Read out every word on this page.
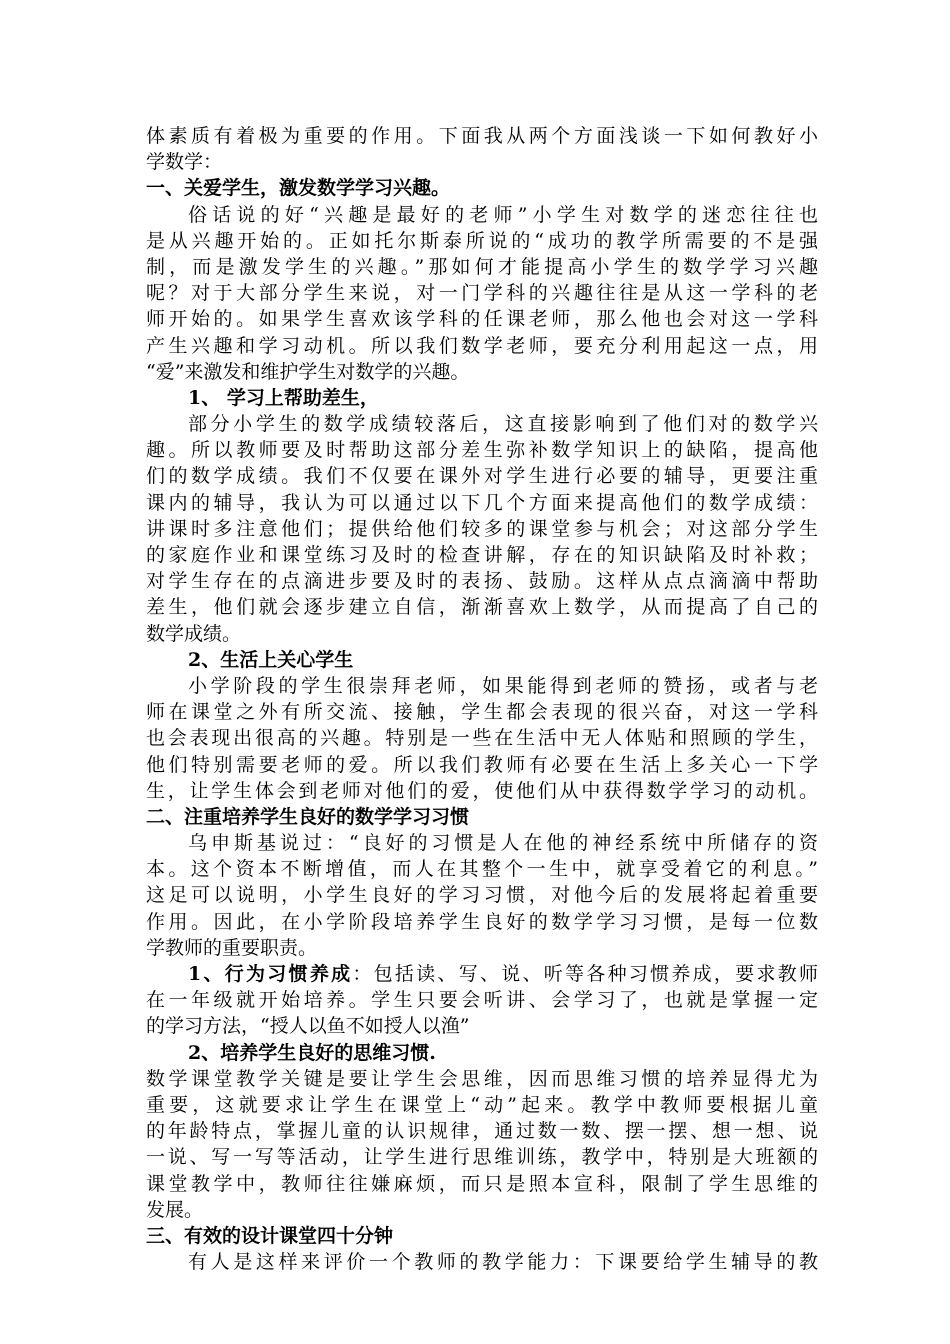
体素质有着极为重要的作用。下面我从两个方面浅谈一下如何教好小
学数学：
一、关爱学生，激发数学学习兴趣。
俗话说的好“兴趣是最好的老师”小学生对数学的迷恋往往也
是从兴趣开始的。正如托尔斯泰所说的“成功的教学所需要的不是强
制，而是激发学生的兴趣。”那如何才能提高小学生的数学学习兴趣
呢？对于大部分学生来说，对一门学科的兴趣往往是从这一学科的老
师开始的。如果学生喜欢该学科的任课老师，那么他也会对这一学科
产生兴趣和学习动机。所以我们数学老师，要充分利用起这一点，用
“爱”来激发和维护学生对数学的兴趣。
1、 学习上帮助差生，
部分小学生的数学成绩较落后，这直接影响到了他们对的数学兴
趣。所以教师要及时帮助这部分差生弥补数学知识上的缺陷，提高他
们的数学成绩。我们不仅要在课外对学生进行必要的辅导，更要注重
课内的辅导，我认为可以通过以下几个方面来提高他们的数学成绩：
讲课时多注意他们；提供给他们较多的课堂参与机会；对这部分学生
的家庭作业和课堂练习及时的检查讲解，存在的知识缺陷及时补救；
对学生存在的点滴进步要及时的表扬、鼓励。这样从点点滴滴中帮助
差生，他们就会逐步建立自信，渐渐喜欢上数学，从而提高了自己的
数学成绩。
2、生活上关心学生
小学阶段的学生很崇拜老师，如果能得到老师的赞扬，或者与老
师在课堂之外有所交流、接触，学生都会表现的很兴奋，对这一学科
也会表现出很高的兴趣。特别是一些在生活中无人体贴和照顾的学生，
他们特别需要老师的爱。所以我们教师有必要在生活上多关心一下学
生，让学生体会到老师对他们的爱，使他们从中获得数学学习的动机。
二、注重培养学生良好的数学学习习惯
乌申斯基说过：“良好的习惯是人在他的神经系统中所储存的资
本。这个资本不断增值，而人在其整个一生中，就享受着它的利息。”
这足可以说明，小学生良好的学习习惯，对他今后的发展将起着重要
作用。因此，在小学阶段培养学生良好的数学学习习惯，是每一位数
学教师的重要职责。
1、行为习惯养成：包括读、写、说、听等各种习惯养成，要求教师
在一年级就开始培养。学生只要会听讲、会学习了，也就是掌握一定
的学习方法，“授人以鱼不如授人以渔”
2、培养学生良好的思维习惯.
数学课堂教学关键是要让学生会思维，因而思维习惯的培养显得尤为
重要，这就要求让学生在课堂上“动”起来。教学中教师要根据儿童
的年龄特点，掌握儿童的认识规律，通过数一数、摆一摆、想一想、说
一说、写一写等活动，让学生进行思维训练，教学中，特别是大班额的
课堂教学中，教师往往嫌麻烦，而只是照本宣科，限制了学生思维的
发展。
三、有效的设计课堂四十分钟
有人是这样来评价一个教师的教学能力：下课要给学生辅导的教
